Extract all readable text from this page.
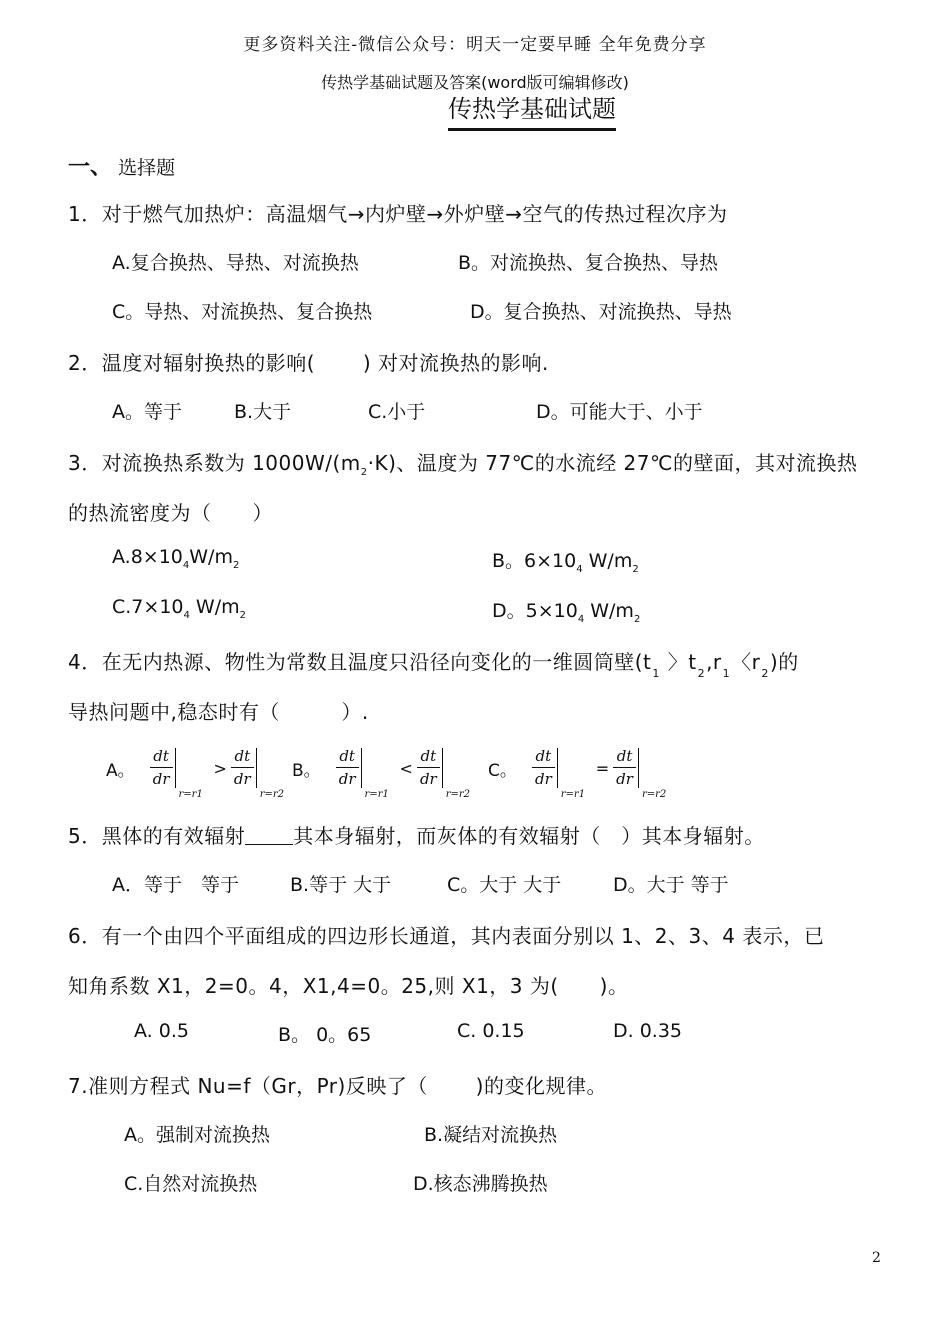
更多资料关注-微信公众号：明天一定要早睡 全年免费分享
传热学基础试题及答案(word版可编辑修改)
传热学基础试题
一、 选择题
1．对于燃气加热炉：高温烟气→内炉壁→外炉壁→空气的传热过程次序为
A.复合换热、导热、对流换热	B。对流换热、复合换热、导热
C。导热、对流换热、复合换热	D。复合换热、对流换热、导热
2．温度对辐射换热的影响(　　 ) 对对流换热的影响.
A。等于	B.大于	C.小于	D。可能大于、小于
3．对流换热系数为 $1000W/(m_2\cdot K)$、温度为 77℃的水流经 27℃的壁面，其对流换热
的热流密度为（　　）
$A.8\times 10_4W/m_2$	B。$6\times 10_4$ $W/m_2$
$C.7\times 10_4$ $W/m_2$	D。$5\times 10_4$ $W/m_2$
4．在无内热源、物性为常数且温度只沿径向变化的一维圆筒壁($t_1$ 〉$t_2,r_1$〈$r_2$)的
导热问题中,稳态时有（　　　）.
A。 $\frac{dt}{dr}$
r=r1
> $\frac{dt}{dr}$
r=r2
B。 $\frac{dt}{dr}$
r=r1
< $\frac{dt}{dr}$
r=r2
C。 $\frac{dt}{dr}$
r=r1
= $\frac{dt}{dr}$
r=r2
5．黑体的有效辐射 其本身辐射，而灰体的有效辐射（　）其本身辐射。
A．等于　等于	B.等于 大于	C。大于 大于	D。大于 等于
6．有一个由四个平面组成的四边形长通道，其内表面分别以 1、2、3、4 表示，已
知角系数 X1，2=0。4，X1,4=0。25,则 X1，3 为(　　)。
A. 0.5	B。 0。65	C. 0.15	D. 0.35
7.准则方程式 Nu=f（Gr，Pr)反映了（　　 )的变化规律。
A。强制对流换热	B.凝结对流换热
C.自然对流换热	D.核态沸腾换热
2
